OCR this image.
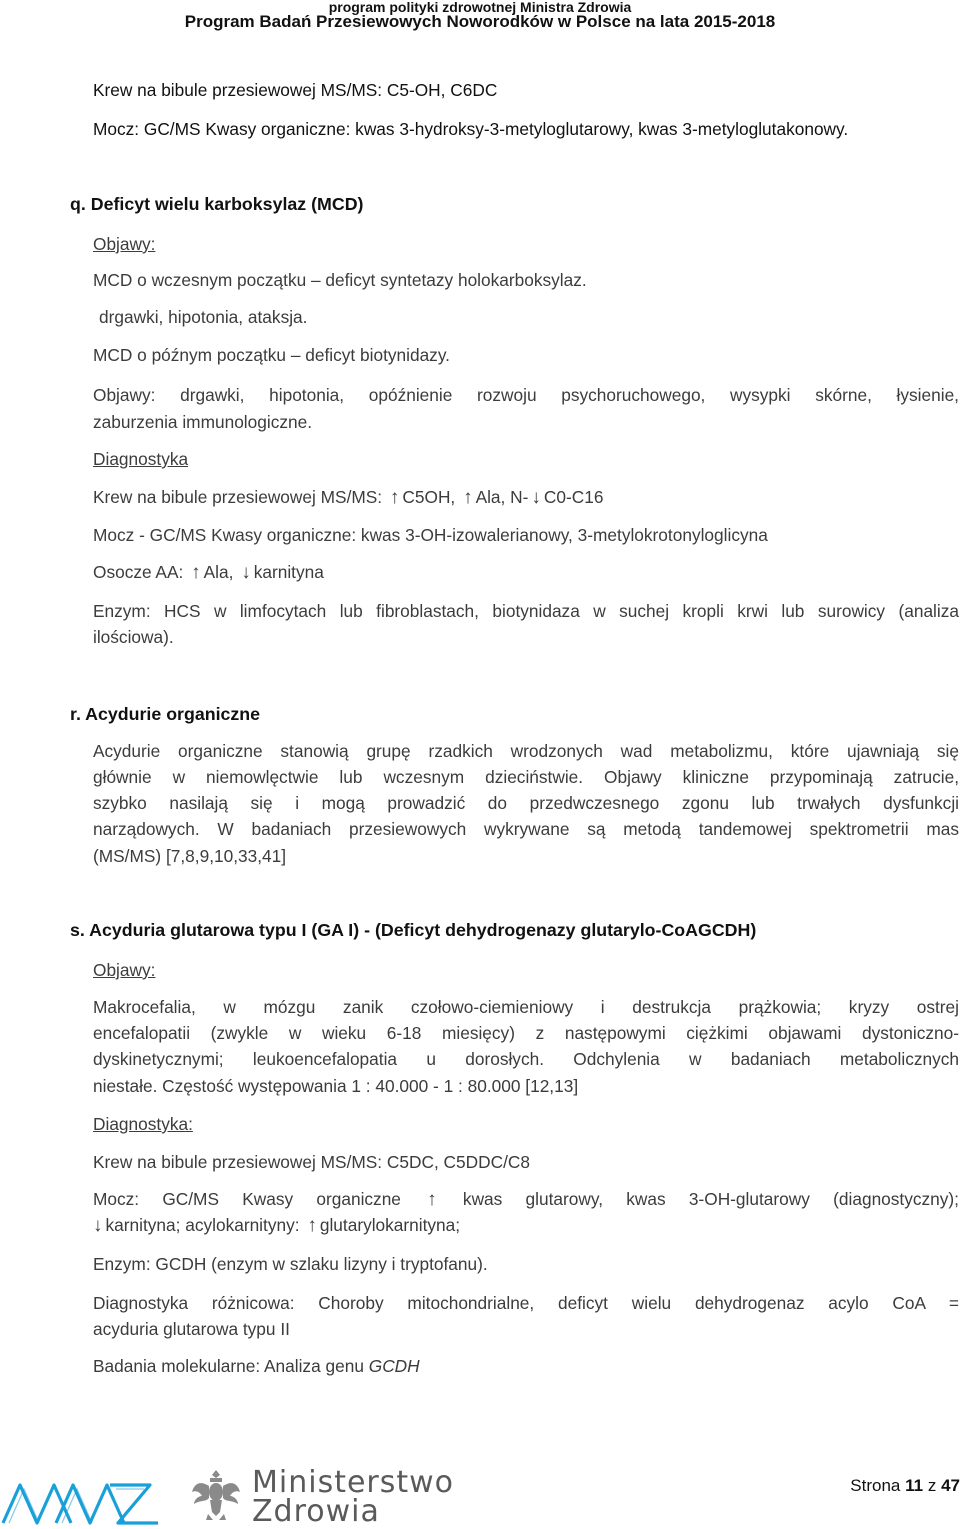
program polityki zdrowotnej Ministra Zdrowia
Program Badań Przesiewowych Noworodków w Polsce na lata 2015-2018
Krew na bibule przesiewowej MS/MS: C5-OH, C6DC
Mocz: GC/MS Kwasy organiczne: kwas 3-hydroksy-3-metyloglutarowy, kwas 3-metyloglutakonowy.
q. Deficyt wielu karboksylaz (MCD)
Objawy:
MCD o wczesnym początku – deficyt syntetazy holokarboksylaz.
drgawki, hipotonia, ataksja.
MCD o późnym początku – deficyt biotynidazy.
Objawy: drgawki, hipotonia, opóźnienie rozwoju psychoruchowego, wysypki skórne, łysienie,
zaburzenia immunologiczne.
Diagnostyka
Krew na bibule przesiewowej MS/MS: ↑ C5OH, ↑ Ala, N- ↓ C0-C16
Mocz - GC/MS Kwasy organiczne: kwas 3-OH-izowalerianowy, 3-metylokrotonyloglicyna
Osocze AA: ↑ Ala, ↓ karnityna
Enzym: HCS w limfocytach lub fibroblastach, biotynidaza w suchej kropli krwi lub surowicy (analiza
ilościowa).
r. Acydurie organiczne
Acydurie organiczne stanowią grupę rzadkich wrodzonych wad metabolizmu, które ujawniają się
głównie w niemowlęctwie lub wczesnym dzieciństwie. Objawy kliniczne przypominają zatrucie,
szybko nasilają się i mogą prowadzić do przedwczesnego zgonu lub trwałych dysfunkcji
narządowych. W badaniach przesiewowych wykrywane są metodą tandemowej spektrometrii mas
(MS/MS) [7,8,9,10,33,41]
s. Acyduria glutarowa typu I (GA I) - (Deficyt dehydrogenazy glutarylo-CoAGCDH)
Objawy:
Makrocefalia, w mózgu zanik czołowo-ciemieniowy i destrukcja prążkowia; kryzy ostrej
encefalopatii (zwykle w wieku 6-18 miesięcy) z następowymi ciężkimi objawami dystoniczno-
dyskinetycznymi; leukoencefalopatia u dorosłych. Odchylenia w badaniach metabolicznych
niestałe. Częstość występowania 1 : 40.000 - 1 : 80.000 [12,13]
Diagnostyka:
Krew na bibule przesiewowej MS/MS: C5DC, C5DDC/C8
Mocz: GC/MS Kwasy organiczne ↑ kwas glutarowy, kwas 3-OH-glutarowy (diagnostyczny);
↓ karnityna; acylokarnityny: ↑ glutarylokarnityna;
Enzym: GCDH (enzym w szlaku lizyny i tryptofanu).
Diagnostyka różnicowa: Choroby mitochondrialne, deficyt wielu dehydrogenaz acylo CoA =
acyduria glutarowa typu II
Badania molekularne: Analiza genu GCDH
Ministerstwo
Zdrowia
Strona 11 z 47
